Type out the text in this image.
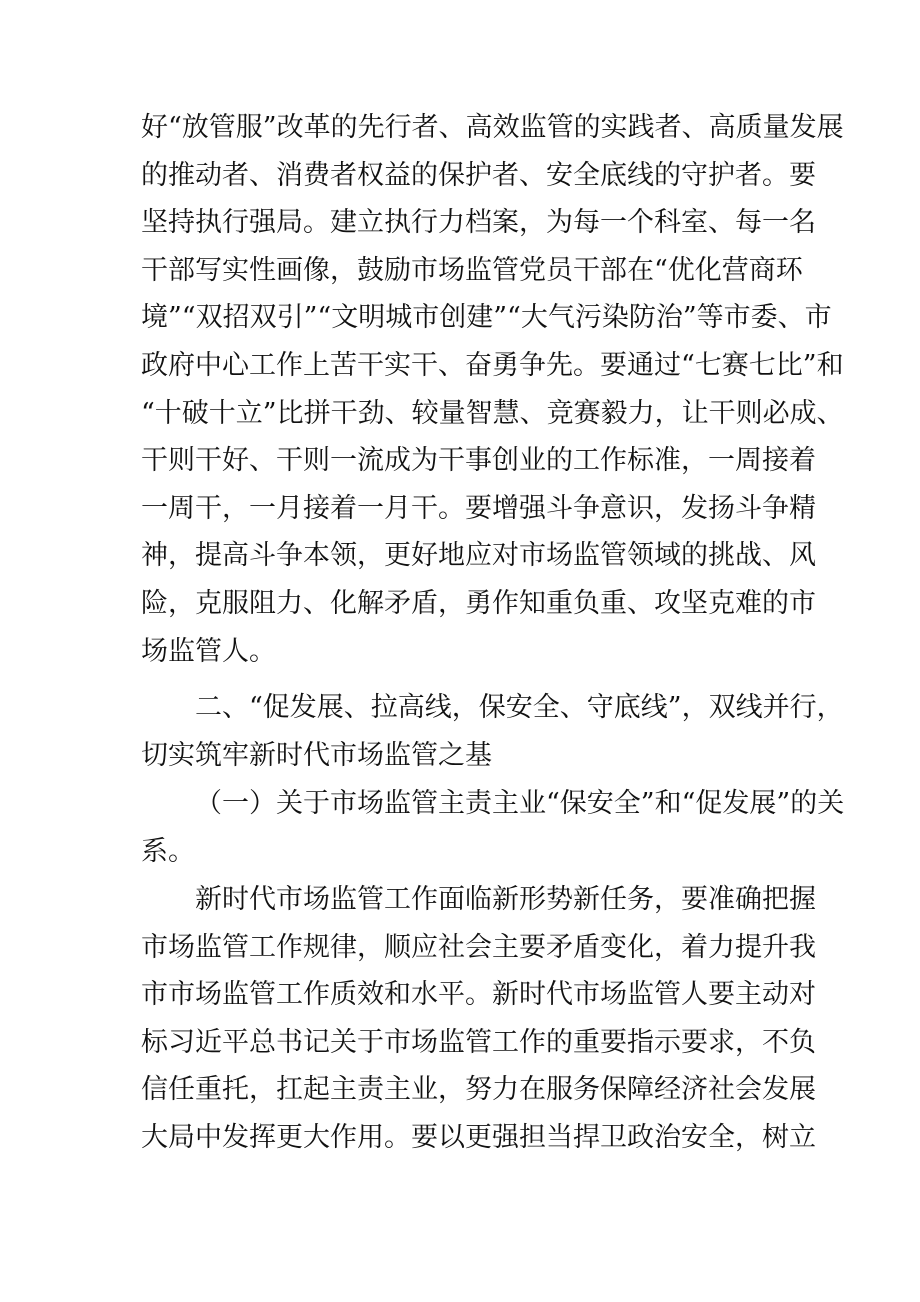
好“放管服”改革的先行者、高效监管的实践者、高质量发展
的推动者、消费者权益的保护者、安全底线的守护者。要
坚持执行强局。建立执行力档案，为每一个科室、每一名
干部写实性画像，鼓励市场监管党员干部在“优化营商环
境”“双招双引”“文明城市创建”“大气污染防治”等市委、市
政府中心工作上苦干实干、奋勇争先。要通过“七赛七比”和
“十破十立”比拼干劲、较量智慧、竞赛毅力，让干则必成、
干则干好、干则一流成为干事创业的工作标准，一周接着
一周干，一月接着一月干。要增强斗争意识，发扬斗争精
神，提高斗争本领，更好地应对市场监管领域的挑战、风
险，克服阻力、化解矛盾，勇作知重负重、攻坚克难的市
场监管人。
二、“促发展、拉高线，保安全、守底线”，双线并行，
切实筑牢新时代市场监管之基
（一）关于市场监管主责主业“保安全”和“促发展”的关
系。
新时代市场监管工作面临新形势新任务，要准确把握
市场监管工作规律，顺应社会主要矛盾变化，着力提升我
市市场监管工作质效和水平。新时代市场监管人要主动对
标习近平总书记关于市场监管工作的重要指示要求，不负
信任重托，扛起主责主业，努力在服务保障经济社会发展
大局中发挥更大作用。要以更强担当捍卫政治安全，树立
